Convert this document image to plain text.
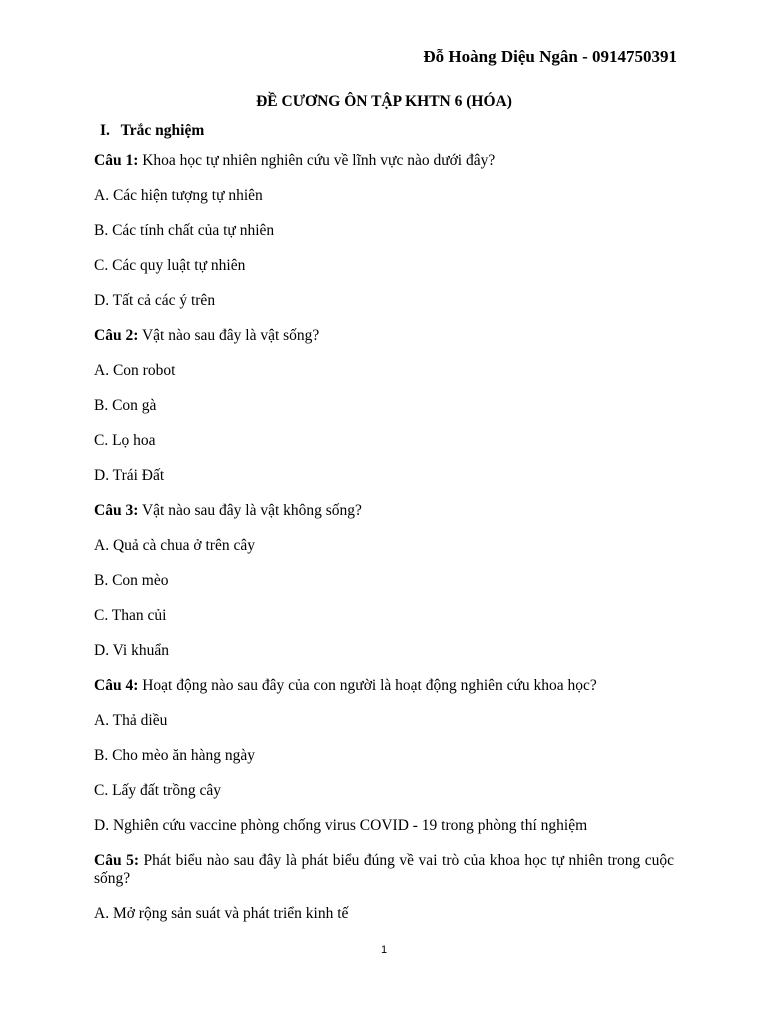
Đỗ Hoàng Diệu Ngân - 0914750391
ĐỀ CƯƠNG ÔN TẬP KHTN 6 (HÓA)
I. Trắc nghiệm

Câu 1: Khoa học tự nhiên nghiên cứu về lĩnh vực nào dưới đây?

A. Các hiện tượng tự nhiên

B. Các tính chất của tự nhiên

C. Các quy luật tự nhiên

D. Tất cả các ý trên

Câu 2: Vật nào sau đây là vật sống?

A. Con robot

B. Con gà

C. Lọ hoa

D. Trái Đất

Câu 3: Vật nào sau đây là vật không sống?

A. Quả cà chua ở trên cây

B. Con mèo

C. Than củi

D. Vi khuẩn

Câu 4: Hoạt động nào sau đây của con người là hoạt động nghiên cứu khoa học?

A. Thả diều

B. Cho mèo ăn hàng ngày

C. Lấy đất trồng cây

D. Nghiên cứu vaccine phòng chống virus COVID - 19 trong phòng thí nghiệm

Câu 5: Phát biểu nào sau đây là phát biểu đúng về vai trò của khoa học tự nhiên trong cuộc sống?

A. Mở rộng sản suát và phát triển kinh tế

1
